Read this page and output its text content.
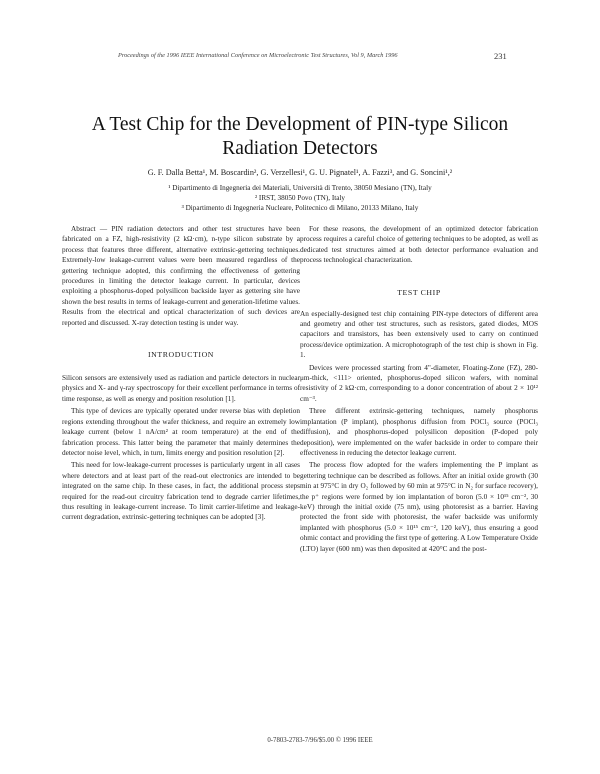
Proceedings of the 1996 IEEE International Conference on Microelectronic Test Structures, Vol 9, March 1996	231
A Test Chip for the Development of PIN-type Silicon
Radiation Detectors
G. F. Dalla Betta¹, M. Boscardin², G. Verzellesi¹, G. U. Pignatel¹, A. Fazzi³, and G. Soncini¹,²
¹ Dipartimento di Ingegneria dei Materiali, Università di Trento, 38050 Mesiano (TN), Italy
² IRST, 38050 Povo (TN), Italy
³ Dipartimento di Ingegneria Nucleare, Politecnico di Milano, 20133 Milano, Italy

Abstract — PIN radiation detectors and other test structures have been fabricated on a FZ, high-resistivity (2 kΩ·cm), n-type silicon substrate by a process that features three different, alternative extrinsic-gettering techniques. Extremely-low leakage-current values were been measured regardless of the gettering technique adopted, this confirming the effectiveness of gettering procedures in limiting the detector leakage current. In particular, devices exploiting a phosphorus-doped polysilicon backside layer as gettering site have shown the best results in terms of leakage-current and generation-lifetime values. Results from the electrical and optical characterization of such devices are reported and discussed. X-ray detection testing is under way.

INTRODUCTION

Silicon sensors are extensively used as radiation and particle detectors in nuclear physics and X- and γ-ray spectroscopy for their excellent performance in terms of time response, as well as energy and position resolution [1].

This type of devices are typically operated under reverse bias with depletion regions extending throughout the wafer thickness, and require an extremely low leakage current (below 1 nA/cm² at room temperature) at the end of the fabrication process. This latter being the parameter that mainly determines the detector noise level, which, in turn, limits energy and position resolution [2].

This need for low-leakage-current processes is particularly urgent in all cases where detectors and at least part of the read-out electronics are intended to be integrated on the same chip. In these cases, in fact, the additional process steps required for the read-out circuitry fabrication tend to degrade carrier lifetimes, thus resulting in leakage-current increase. To limit carrier-lifetime and leakage-current degradation, extrinsic-gettering techniques can be adopted [3].

For these reasons, the development of an optimized detector fabrication process requires a careful choice of gettering techniques to be adopted, as well as dedicated test structures aimed at both detector performance evaluation and process technological characterization.

TEST CHIP

An especially-designed test chip containing PIN-type detectors of different area and geometry and other test structures, such as resistors, gated diodes, MOS capacitors and transistors, has been extensively used to carry on continued process/device optimization. A microphotograph of the test chip is shown in Fig. 1.

Devices were processed starting from 4"-diameter, Floating-Zone (FZ), 280-μm-thick, <111> oriented, phosphorus-doped silicon wafers, with nominal resistivity of 2 kΩ·cm, corresponding to a donor concentration of about 2 × 10¹² cm⁻³.

Three different extrinsic-gettering techniques, namely phosphorus implantation (P implant), phosphorus diffusion from POCl₃ source (POCl₃ diffusion), and phosphorus-doped polysilicon deposition (P-doped poly deposition), were implemented on the wafer backside in order to compare their effectiveness in reducing the detector leakage current.

The process flow adopted for the wafers implementing the P implant as gettering technique can be described as follows. After an initial oxide growth (30 min at 975°C in dry O₂ followed by 60 min at 975°C in N₂ for surface recovery), the p⁺ regions were formed by ion implantation of boron (5.0 × 10¹⁵ cm⁻², 30 keV) through the initial oxide (75 nm), using photoresist as a barrier. Having protected the front side with photoresist, the wafer backside was uniformly implanted with phosphorus (5.0 × 10¹⁵ cm⁻², 120 keV), thus ensuring a good ohmic contact and providing the first type of gettering. A Low Temperature Oxide (LTO) layer (600 nm) was then deposited at 420°C and the post-

0-7803-2783-7/96/$5.00 © 1996 IEEE
